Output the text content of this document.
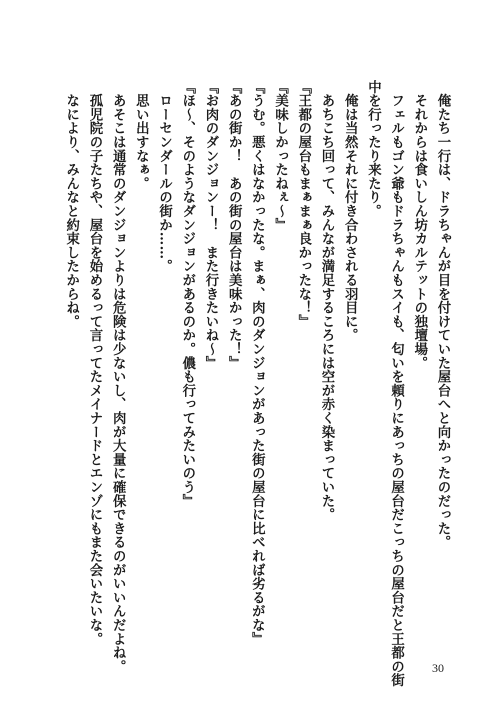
　俺たち一行は、ドラちゃんが目を付けていた屋台へと向かったのだった。
　それからは食いしん坊カルテットの独壇場。
　フェルもゴン爺もドラちゃんもスイも、匂いを頼りにあっちの屋台だこっちの屋台だと王都の街
中を行ったり来たり。
　俺は当然それに付き合わされる羽目に。
　あちこち回って、みんなが満足するころには空が赤く染まっていた。
『王都の屋台もまぁまぁ良かったな！』
『美味しかったねぇ～』
『うむ。悪くはなかったな。まぁ、肉のダンジョンがあった街の屋台に比べれば劣るがな』
『あの街か！　あの街の屋台は美味かった！』
『お肉のダンジョンー！　また行きたいね～』
『ほ～、そのようなダンジョンがあるのか。儂も行ってみたいのう』
　ローセンダールの街か……。
　思い出すなぁ。
　あそこは通常のダンジョンよりは危険は少ないし、肉が大量に確保できるのがいいんだよね。
　孤児院の子たちや、屋台を始めるって言ってたメイナードとエンゾにもまた会いたいな。
　なにより、みんなと約束したからね。
30
